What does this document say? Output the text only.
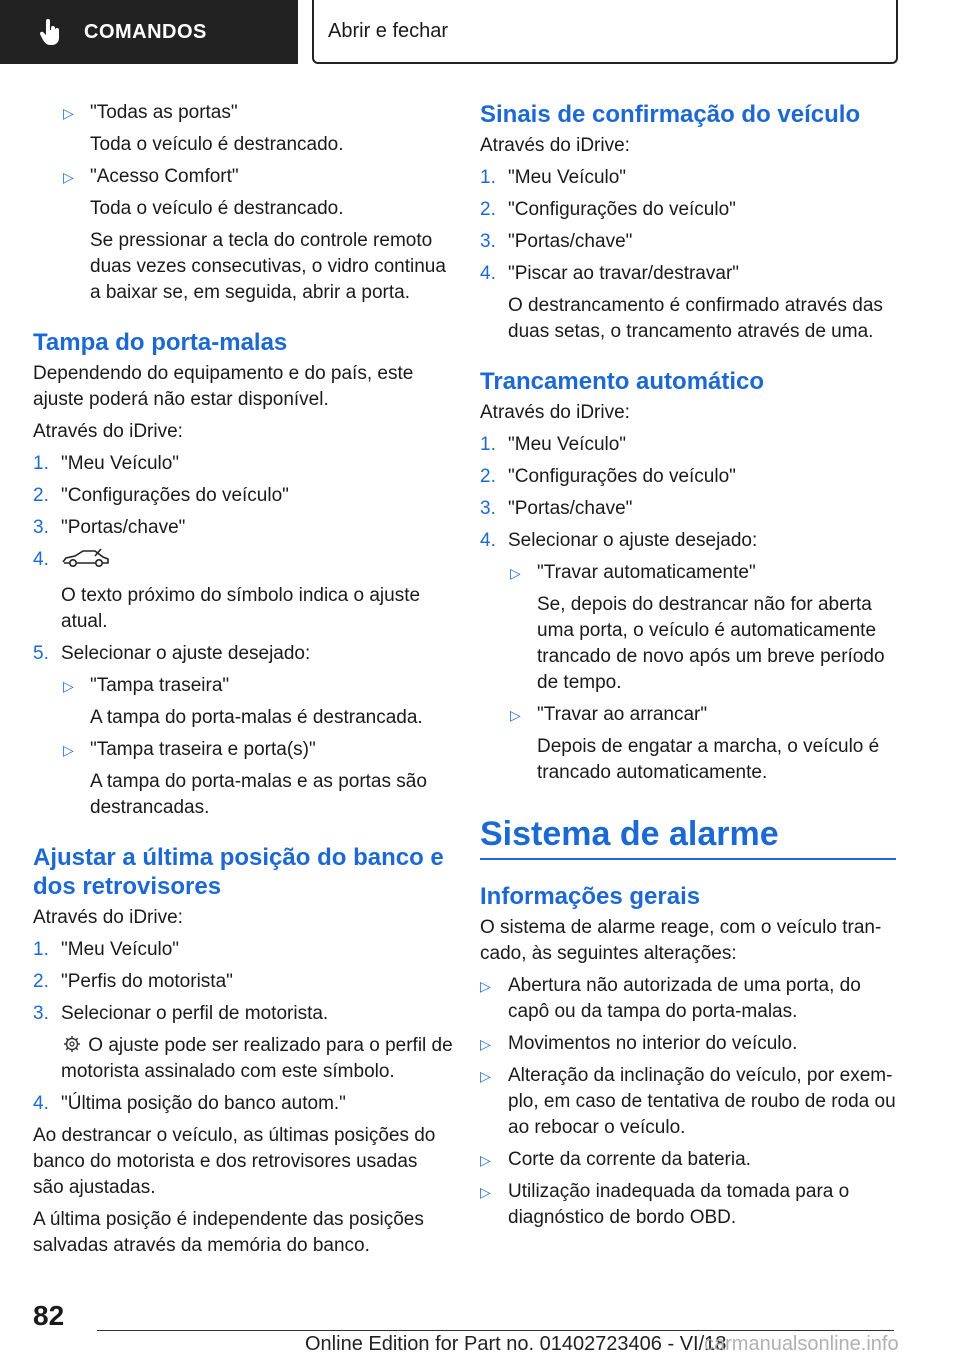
COMANDOS	Abrir e fechar
▷ "Todas as portas"
Toda o veículo é destrancado.
▷ "Acesso Comfort"
Toda o veículo é destrancado.
Se pressionar a tecla do controle remoto duas vezes consecutivas, o vidro continua a baixar se, em seguida, abrir a porta.
Tampa do porta-malas

Dependendo do equipamento e do país, este ajuste poderá não estar disponível.

Através do iDrive:

1. "Meu Veículo"
2. "Configurações do veículo"
3. "Portas/chave"
4.
O texto próximo do símbolo indica o ajuste atual.
5. Selecionar o ajuste desejado:
▷ "Tampa traseira"
A tampa do porta-malas é destrancada.
▷ "Tampa traseira e porta(s)"
A tampa do porta-malas e as portas são destrancadas.
Ajustar a última posição do banco e dos retrovisores

Através do iDrive:

1. "Meu Veículo"
2. "Perfis do motorista"
3. Selecionar o perfil de motorista.
O ajuste pode ser realizado para o perfil de motorista assinalado com este símbolo.
4. "Última posição do banco autom."

Ao destrancar o veículo, as últimas posições do banco do motorista e dos retrovisores usadas são ajustadas.

A última posição é independente das posições salvadas através da memória do banco.

Sinais de confirmação do veículo

Através do iDrive:

1. "Meu Veículo"
2. "Configurações do veículo"
3. "Portas/chave"
4. "Piscar ao travar/destravar"
O destrancamento é confirmado através das duas setas, o trancamento através de uma.
Trancamento automático

Através do iDrive:

1. "Meu Veículo"
2. "Configurações do veículo"
3. "Portas/chave"
4. Selecionar o ajuste desejado:
▷ "Travar automaticamente"
Se, depois do destrancar não for aberta uma porta, o veículo é automaticamente trancado de novo após um breve período de tempo.
▷ "Travar ao arrancar"
Depois de engatar a marcha, o veículo é trancado automaticamente.
Sistema de alarme
Informações gerais

O sistema de alarme reage, com o veículo trancado, às seguintes alterações:

▷ Abertura não autorizada de uma porta, do capô ou da tampa do porta-malas.
▷ Movimentos no interior do veículo.
▷ Alteração da inclinação do veículo, por exemplo, em caso de tentativa de roubo de roda ou ao rebocar o veículo.
▷ Corte da corrente da bateria.
▷ Utilização inadequada da tomada para o diagnóstico de bordo OBD.
82
Online Edition for Part no. 01402723406 - VI/18
carmanualsonline.info
